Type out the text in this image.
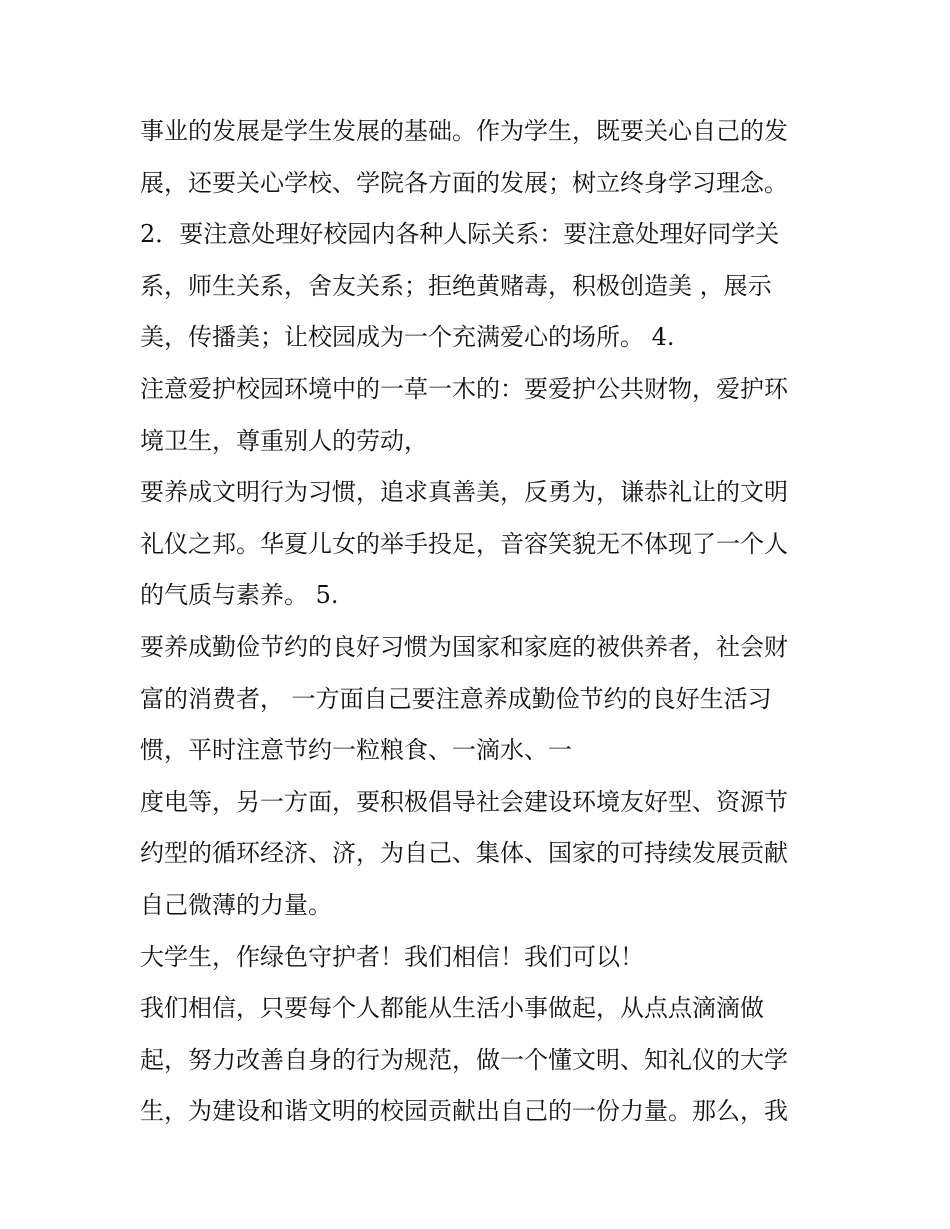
事业的发展是学生发展的基础。作为学生，既要关心自己的发
展，还要关心学校、学院各方面的发展；树立终身学习理念。
2．要注意处理好校园内各种人际关系：要注意处理好同学关
系，师生关系，舍友关系；拒绝黄赌毒，积极创造美 ，展示
美，传播美；让校园成为一个充满爱心的场所。 4.
注意爱护校园环境中的一草一木的：要爱护公共财物，爱护环
境卫生，尊重别人的劳动，
要养成文明行为习惯，追求真善美，反勇为，谦恭礼让的文明
礼仪之邦。华夏儿女的举手投足，音容笑貌无不体现了一个人
的气质与素养。 5.
要养成勤俭节约的良好习惯为国家和家庭的被供养者，社会财
富的消费者， 一方面自己要注意养成勤俭节约的良好生活习
惯，平时注意节约一粒粮食、一滴水、一
度电等，另一方面，要积极倡导社会建设环境友好型、资源节
约型的循环经济、济，为自己、集体、国家的可持续发展贡献
自己微薄的力量。
大学生，作绿色守护者！我们相信！我们可以！
我们相信，只要每个人都能从生活小事做起，从点点滴滴做
起，努力改善自身的行为规范，做一个懂文明、知礼仪的大学
生，为建设和谐文明的校园贡献出自己的一份力量。那么，我
